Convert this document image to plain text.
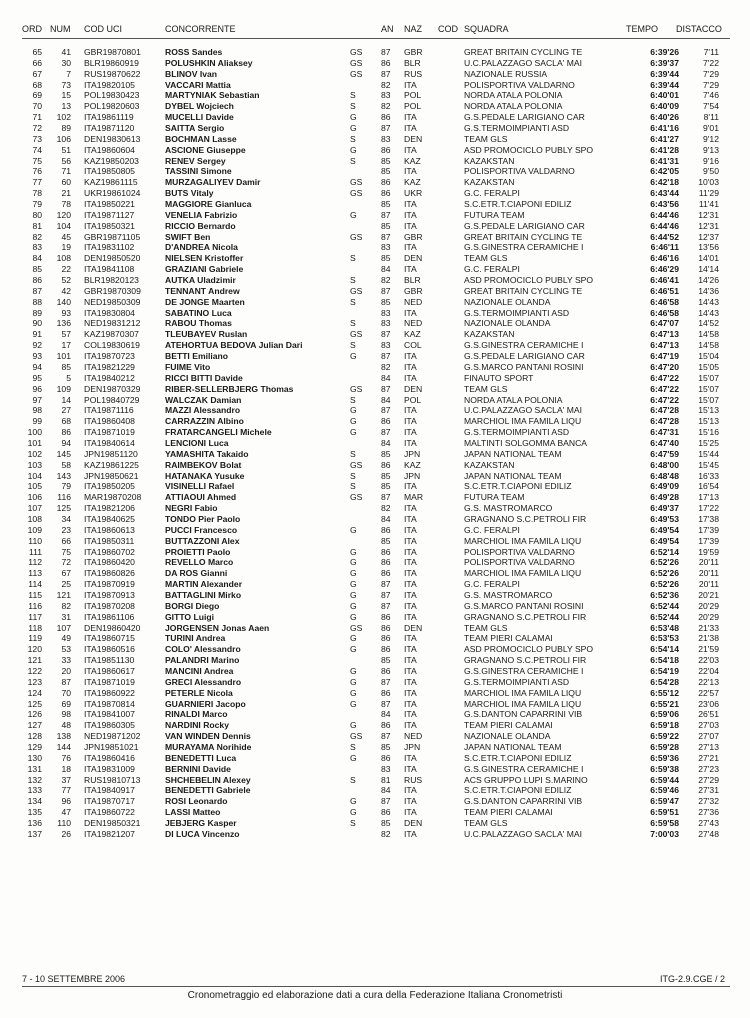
ORD NUM COD UCI	CONCORRENTE	AN NAZ COD SQUADRA	TEMPO DISTACCO
65	41 GBR19870801	ROSS Sandes	GS 87 GBR	GREAT BRITAIN CYCLING TE	6:39'26	7'11
66	30 BLR19860919	POLUSHKIN Aliaksey	GS 86 BLR	U.C.PALAZZAGO SACLA' MAI	6:39'37	7'22
67	7 RUS19870622	BLINOV Ivan	GS 87 RUS	NAZIONALE RUSSIA	6:39'44	7'29
68	73 ITA19820105	VACCARI Mattia	82 ITA	POLISPORTIVA VALDARNO	6:39'44	7'29
69	15 POL19830423	MARTYNIAK Sebastian	S	83 POL	NORDA ATALA POLONIA	6:40'01	7'46
70	13 POL19820603	DYBEL Wojciech	S	82 POL	NORDA ATALA POLONIA	6:40'09	7'54
71	102 ITA19861119	MUCELLI Davide	G	86 ITA	G.S.PEDALE LARIGIANO CAR	6:40'26	8'11
72	89 ITA19871120	SAITTA Sergio	G	87 ITA	G.S.TERMOIMPIANTI ASD	6:41'16	9'01
73	106 DEN19830613	BOCHMAN Lasse	S	83 DEN	TEAM GLS	6:41'27	9'12
74	51 ITA19860604	ASCIONE Giuseppe	G	86 ITA	ASD PROMOCICLO PUBLY SPO	6:41'28	9'13
75	56 KAZ19850203	RENEV Sergey	S	85 KAZ	KAZAKSTAN	6:41'31	9'16
76	71 ITA19850805	TASSINI Simone	85 ITA	POLISPORTIVA VALDARNO	6:42'05	9'50
77	60 KAZ19861115	MURZAGALIYEV Damir	GS 86 KAZ	KAZAKSTAN	6:42'18	10'03
78	21 UKR19861024	BUTS Vitaly	GS 86 UKR	G.C. FERALPI	6:43'44	11'29
79	78 ITA19850221	MAGGIORE Gianluca	85 ITA	S.C.ETR.T.CIAPONI EDILIZ	6:43'56	11'41
80	120 ITA19871127	VENELIA Fabrizio	G	87 ITA	FUTURA TEAM	6:44'46	12'31
81	104 ITA19850321	RICCIO Bernardo	85 ITA	G.S.PEDALE LARIGIANO CAR	6:44'46	12'31
82	45 GBR19871105	SWIFT Ben	GS 87 GBR	GREAT BRITAIN CYCLING TE	6:44'52	12'37
83	19 ITA19831102	D'ANDREA Nicola	83 ITA	G.S.GINESTRA CERAMICHE I	6:46'11	13'56
84	108 DEN19850520	NIELSEN Kristoffer	S	85 DEN	TEAM GLS	6:46'16	14'01
85	22 ITA19841108	GRAZIANI Gabriele	84 ITA	G.C. FERALPI	6:46'29	14'14
86	52 BLR19820123	AUTKA Uladzimir	S	82 BLR	ASD PROMOCICLO PUBLY SPO	6:46'41	14'26
87	42 GBR19870309	TENNANT Andrew	GS 87 GBR	GREAT BRITAIN CYCLING TE	6:46'51	14'36
88	140 NED19850309	DE JONGE Maarten	S	85 NED	NAZIONALE OLANDA	6:46'58	14'43
89	93 ITA19830804	SABATINO Luca	83 ITA	G.S.TERMOIMPIANTI ASD	6:46'58	14'43
90	136 NED19831212	RABOU Thomas	S	83 NED	NAZIONALE OLANDA	6:47'07	14'52
91	57 KAZ19870307	TLEUBAYEV Ruslan	GS 87 KAZ	KAZAKSTAN	6:47'13	14'58
92	17 COL19830619	ATEHORTUA BEDOVA Julian Dari	S	83 COL	G.S.GINESTRA CERAMICHE I	6:47'13	14'58
93	101 ITA19870723	BETTI Emiliano	G	87 ITA	G.S.PEDALE LARIGIANO CAR	6:47'19	15'04
94	85 ITA19821229	FUIME Vito	82 ITA	G.S.MARCO PANTANI ROSINI	6:47'20	15'05
95	5 ITA19840212	RICCI BITTI Davide	84 ITA	FINAUTO SPORT	6:47'22	15'07
96	109 DEN19870329	RIBER-SELLERBJERG Thomas	GS 87 DEN	TEAM GLS	6:47'22	15'07
97	14 POL19840729	WALCZAK Damian	S	84 POL	NORDA ATALA POLONIA	6:47'22	15'07
98	27 ITA19871116	MAZZI Alessandro	G	87 ITA	U.C.PALAZZAGO SACLA' MAI	6:47'28	15'13
99	68 ITA19860408	CARRAZZIN Albino	G	86 ITA	MARCHIOL IMA FAMILA LIQU	6:47'28	15'13
100	86 ITA19871019	FRATARCANGELI Michele	G	87 ITA	G.S.TERMOIMPIANTI ASD	6:47'31	15'16
101	94 ITA19840614	LENCIONI Luca	84 ITA	MALTINTI SOLGOMMA BANCA	6:47'40	15'25
102	145 JPN19851120	YAMASHITA Takaido	S	85 JPN	JAPAN NATIONAL TEAM	6:47'59	15'44
103	58 KAZ19861225	RAIMBEKOV Bolat	GS 86 KAZ	KAZAKSTAN	6:48'00	15'45
104	143 JPN19850621	HATANAKA Yusuke	S	85 JPN	JAPAN NATIONAL TEAM	6:48'48	16'33
105	79 ITA19850205	VISINELLI Rafael	S	85 ITA	S.C.ETR.T.CIAPONI EDILIZ	6:49'09	16'54
106	116 MAR19870208	ATTIAOUI Ahmed	GS 87 MAR	FUTURA TEAM	6:49'28	17'13
107	125 ITA19821206	NEGRI Fabio	82 ITA	G.S. MASTROMARCO	6:49'37	17'22
108	34 ITA19840625	TONDO Pier Paolo	84 ITA	GRAGNANO S.C.PETROLI FIR	6:49'53	17'38
109	23 ITA19860613	PUCCI Francesco	G	86 ITA	G.C. FERALPI	6:49'54	17'39
110	66 ITA19850311	BUTTAZZONI Alex	85 ITA	MARCHIOL IMA FAMILA LIQU	6:49'54	17'39
111	75 ITA19860702	PROIETTI Paolo	G	86 ITA	POLISPORTIVA VALDARNO	6:52'14	19'59
112	72 ITA19860420	REVELLO Marco	G	86 ITA	POLISPORTIVA VALDARNO	6:52'26	20'11
113	67 ITA19860826	DA ROS Gianni	G	86 ITA	MARCHIOL IMA FAMILA LIQU	6:52'26	20'11
114	25 ITA19870919	MARTIN Alexander	G	87 ITA	G.C. FERALPI	6:52'26	20'11
115	121 ITA19870913	BATTAGLINI Mirko	G	87 ITA	G.S. MASTROMARCO	6:52'36	20'21
116	82 ITA19870208	BORGI Diego	G	87 ITA	G.S.MARCO PANTANI ROSINI	6:52'44	20'29
117	31 ITA19861106	GITTO Luigi	G	86 ITA	GRAGNANO S.C.PETROLI FIR	6:52'44	20'29
118	107 DEN19860420	JORGENSEN Jonas Aaen	GS 86 DEN	TEAM GLS	6:53'48	21'33
119	49 ITA19860715	TURINI Andrea	G	86 ITA	TEAM PIERI CALAMAI	6:53'53	21'38
120	53 ITA19860516	COLO' Alessandro	G	86 ITA	ASD PROMOCICLO PUBLY SPO	6:54'14	21'59
121	33 ITA19851130	PALANDRI Marino	85 ITA	GRAGNANO S.C.PETROLI FIR	6:54'18	22'03
122	20 ITA19860617	MANCINI Andrea	G	86 ITA	G.S.GINESTRA CERAMICHE I	6:54'19	22'04
123	87 ITA19871019	GRECI Alessandro	G	87 ITA	G.S.TERMOIMPIANTI ASD	6:54'28	22'13
124	70 ITA19860922	PETERLE Nicola	G	86 ITA	MARCHIOL IMA FAMILA LIQU	6:55'12	22'57
125	69 ITA19870814	GUARNIERI Jacopo	G	87 ITA	MARCHIOL IMA FAMILA LIQU	6:55'21	23'06
126	98 ITA19841007	RINALDI Marco	84 ITA	G.S.DANTON CAPARRINI VIB	6:59'06	26'51
127	48 ITA19860305	NARDINI Rocky	G	86 ITA	TEAM PIERI CALAMAI	6:59'18	27'03
128	138 NED19871202	VAN WINDEN Dennis	GS 87 NED	NAZIONALE OLANDA	6:59'22	27'07
129	144 JPN19851021	MURAYAMA Norihide	S	85 JPN	JAPAN NATIONAL TEAM	6:59'28	27'13
130	76 ITA19860416	BENEDETTI Luca	G	86 ITA	S.C.ETR.T.CIAPONI EDILIZ	6:59'36	27'21
131	18 ITA19831009	BERNINI Davide	83 ITA	G.S.GINESTRA CERAMICHE I	6:59'38	27'23
132	37 RUS19810713	SHCHEBELIN Alexey	S	81 RUS	ACS GRUPPO LUPI S.MARINO	6:59'44	27'29
133	77 ITA19840917	BENEDETTI Gabriele	84 ITA	S.C.ETR.T.CIAPONI EDILIZ	6:59'46	27'31
134	96 ITA19870717	ROSI Leonardo	G	87 ITA	G.S.DANTON CAPARRINI VIB	6:59'47	27'32
135	47 ITA19860722	LASSI Matteo	G	86 ITA	TEAM PIERI CALAMAI	6:59'51	27'36
136	110 DEN19850321	JEBJERG Kasper	S	85 DEN	TEAM GLS	6:59'58	27'43
137	26 ITA19821207	DI LUCA Vincenzo	82 ITA	U.C.PALAZZAGO SACLA' MAI	7:00'03	27'48
7 - 10 SETTEMBRE 2006	ITG-2.9.CGE / 2
Cronometraggio ed elaborazione dati a cura della Federazione Italiana Cronometristi
